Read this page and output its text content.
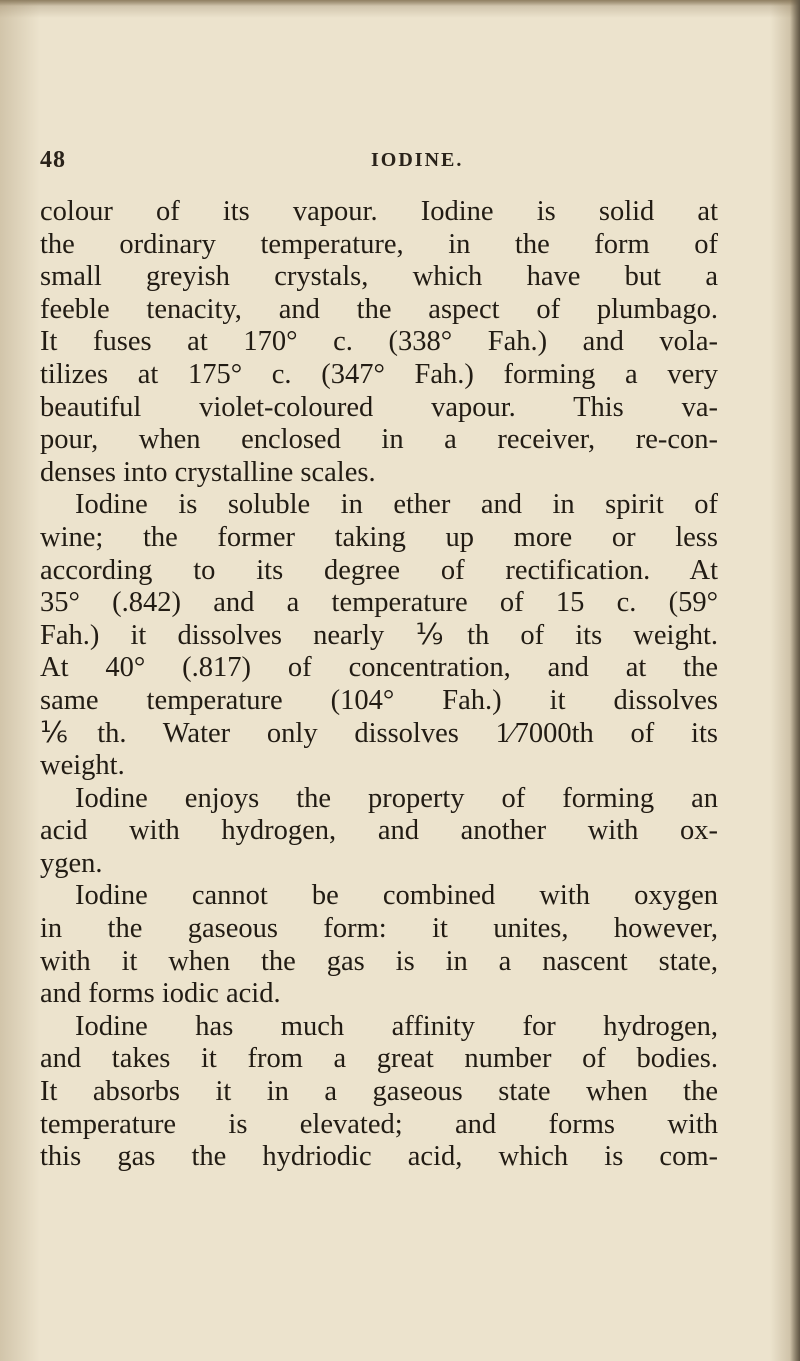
48	IODINE.
colour of its vapour. Iodine is solid at
the ordinary temperature, in the form of
small greyish crystals, which have but a
feeble tenacity, and the aspect of plumbago.
It fuses at 170° c. (338° Fah.) and vola-
tilizes at 175° c. (347° Fah.) forming a very
beautiful violet-coloured vapour. This va-
pour, when enclosed in a receiver, re-con-
denses into crystalline scales.
Iodine is soluble in ether and in spirit of
wine; the former taking up more or less
according to its degree of rectification. At
35° (.842) and a temperature of 15 c. (59°
Fah.) it dissolves nearly ⅑th of its weight.
At 40° (.817) of concentration, and at the
same temperature (104° Fah.) it dissolves
⅙th. Water only dissolves 1⁄7000th of its
weight.
Iodine enjoys the property of forming an
acid with hydrogen, and another with ox-
ygen.
Iodine cannot be combined with oxygen
in the gaseous form: it unites, however,
with it when the gas is in a nascent state,
and forms iodic acid.
Iodine has much affinity for hydrogen,
and takes it from a great number of bodies.
It absorbs it in a gaseous state when the
temperature is elevated; and forms with
this gas the hydriodic acid, which is com-
